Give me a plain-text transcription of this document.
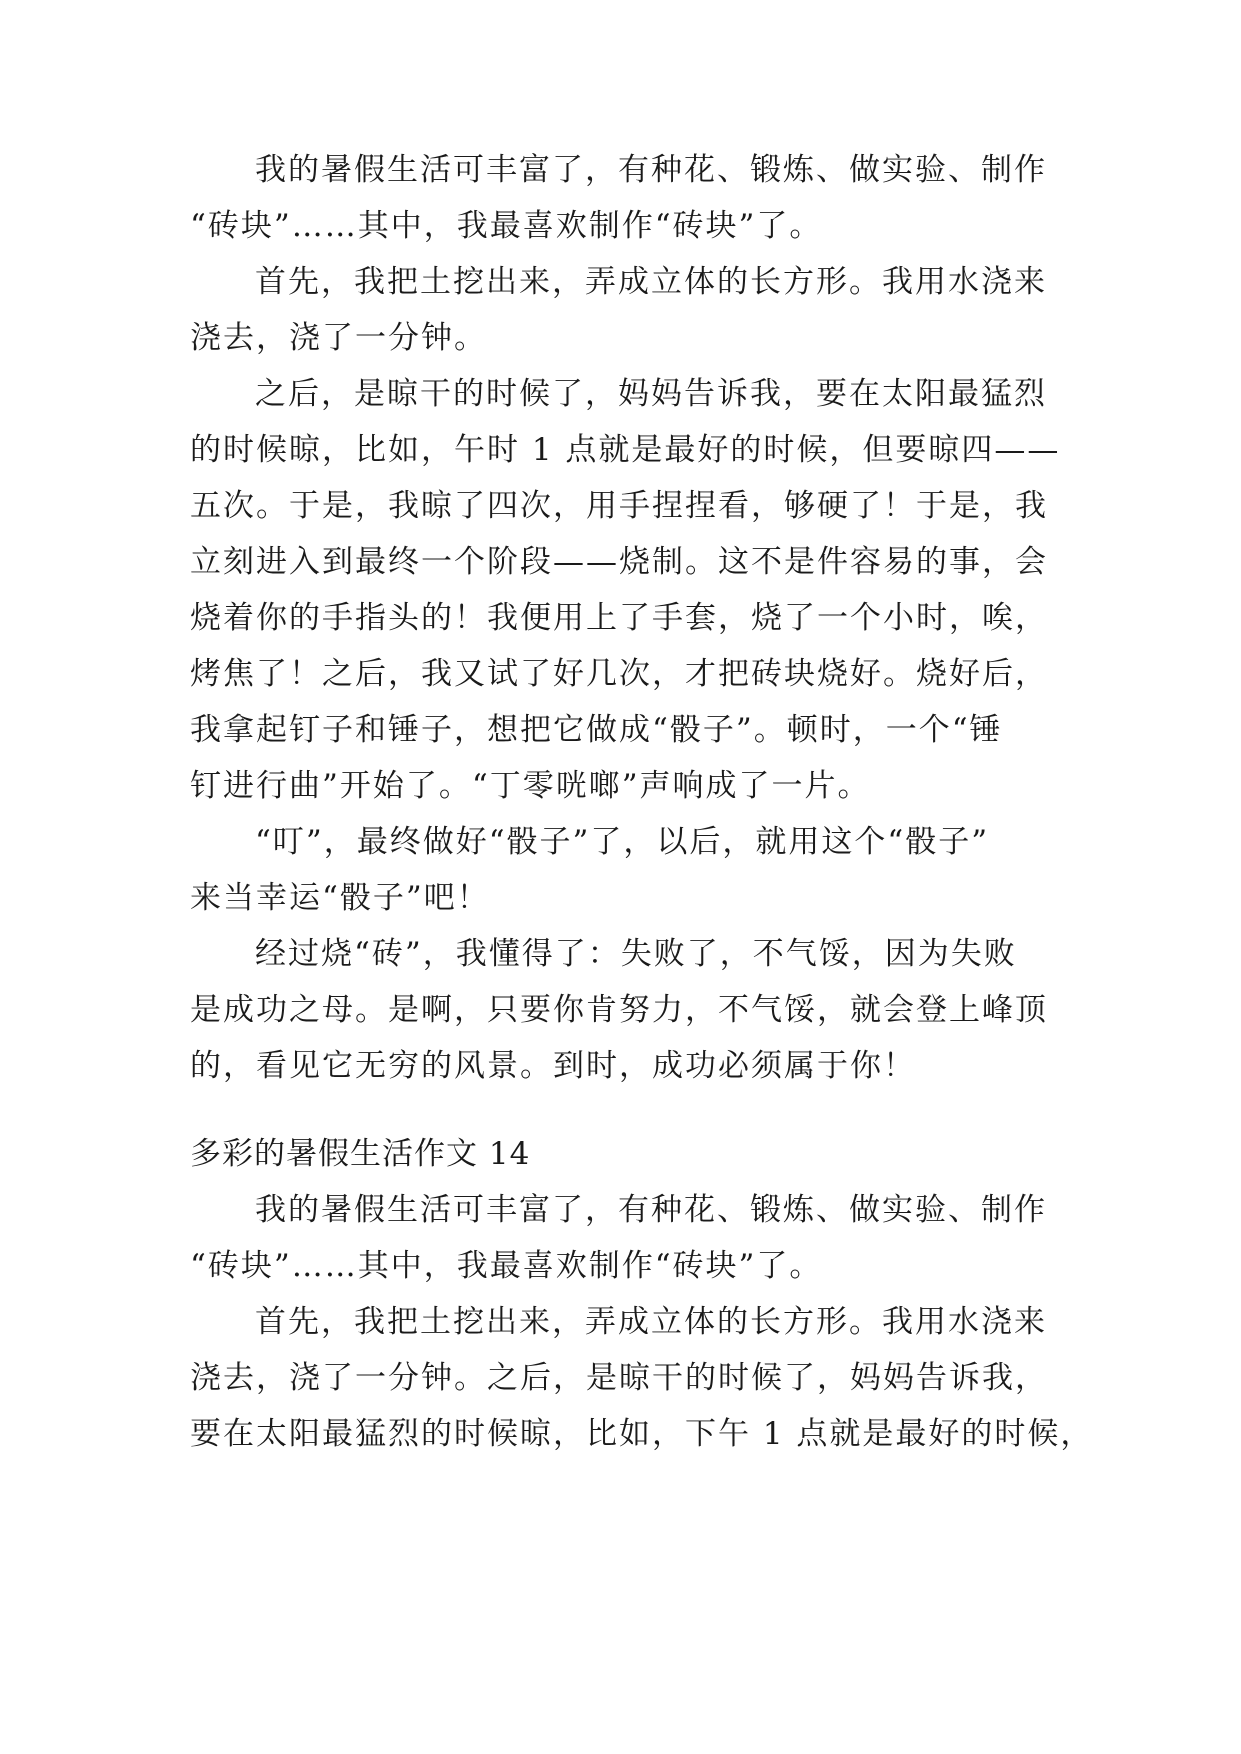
我的暑假生活可丰富了，有种花、锻炼、做实验、制作
“砖块”……其中，我最喜欢制作“砖块”了。
首先，我把土挖出来，弄成立体的长方形。我用水浇来
浇去，浇了一分钟。
之后，是晾干的时候了，妈妈告诉我，要在太阳最猛烈
的时候晾，比如，午时 1 点就是最好的时候，但要晾四——
五次。于是，我晾了四次，用手捏捏看，够硬了！于是，我
立刻进入到最终一个阶段——烧制。这不是件容易的事，会
烧着你的手指头的！我便用上了手套，烧了一个小时，唉，
烤焦了！之后，我又试了好几次，才把砖块烧好。烧好后，
我拿起钉子和锤子，想把它做成“骰子”。顿时，一个“锤
钉进行曲”开始了。“丁零咣啷”声响成了一片。
“叮”，最终做好“骰子”了，以后，就用这个“骰子”
来当幸运“骰子”吧！
经过烧“砖”，我懂得了：失败了，不气馁，因为失败
是成功之母。是啊，只要你肯努力，不气馁，就会登上峰顶
的，看见它无穷的风景。到时，成功必须属于你！
多彩的暑假生活作文 14
我的暑假生活可丰富了，有种花、锻炼、做实验、制作
“砖块”……其中，我最喜欢制作“砖块”了。
首先，我把土挖出来，弄成立体的长方形。我用水浇来
浇去，浇了一分钟。之后，是晾干的时候了，妈妈告诉我，
要在太阳最猛烈的时候晾，比如，下午 1 点就是最好的时候，
